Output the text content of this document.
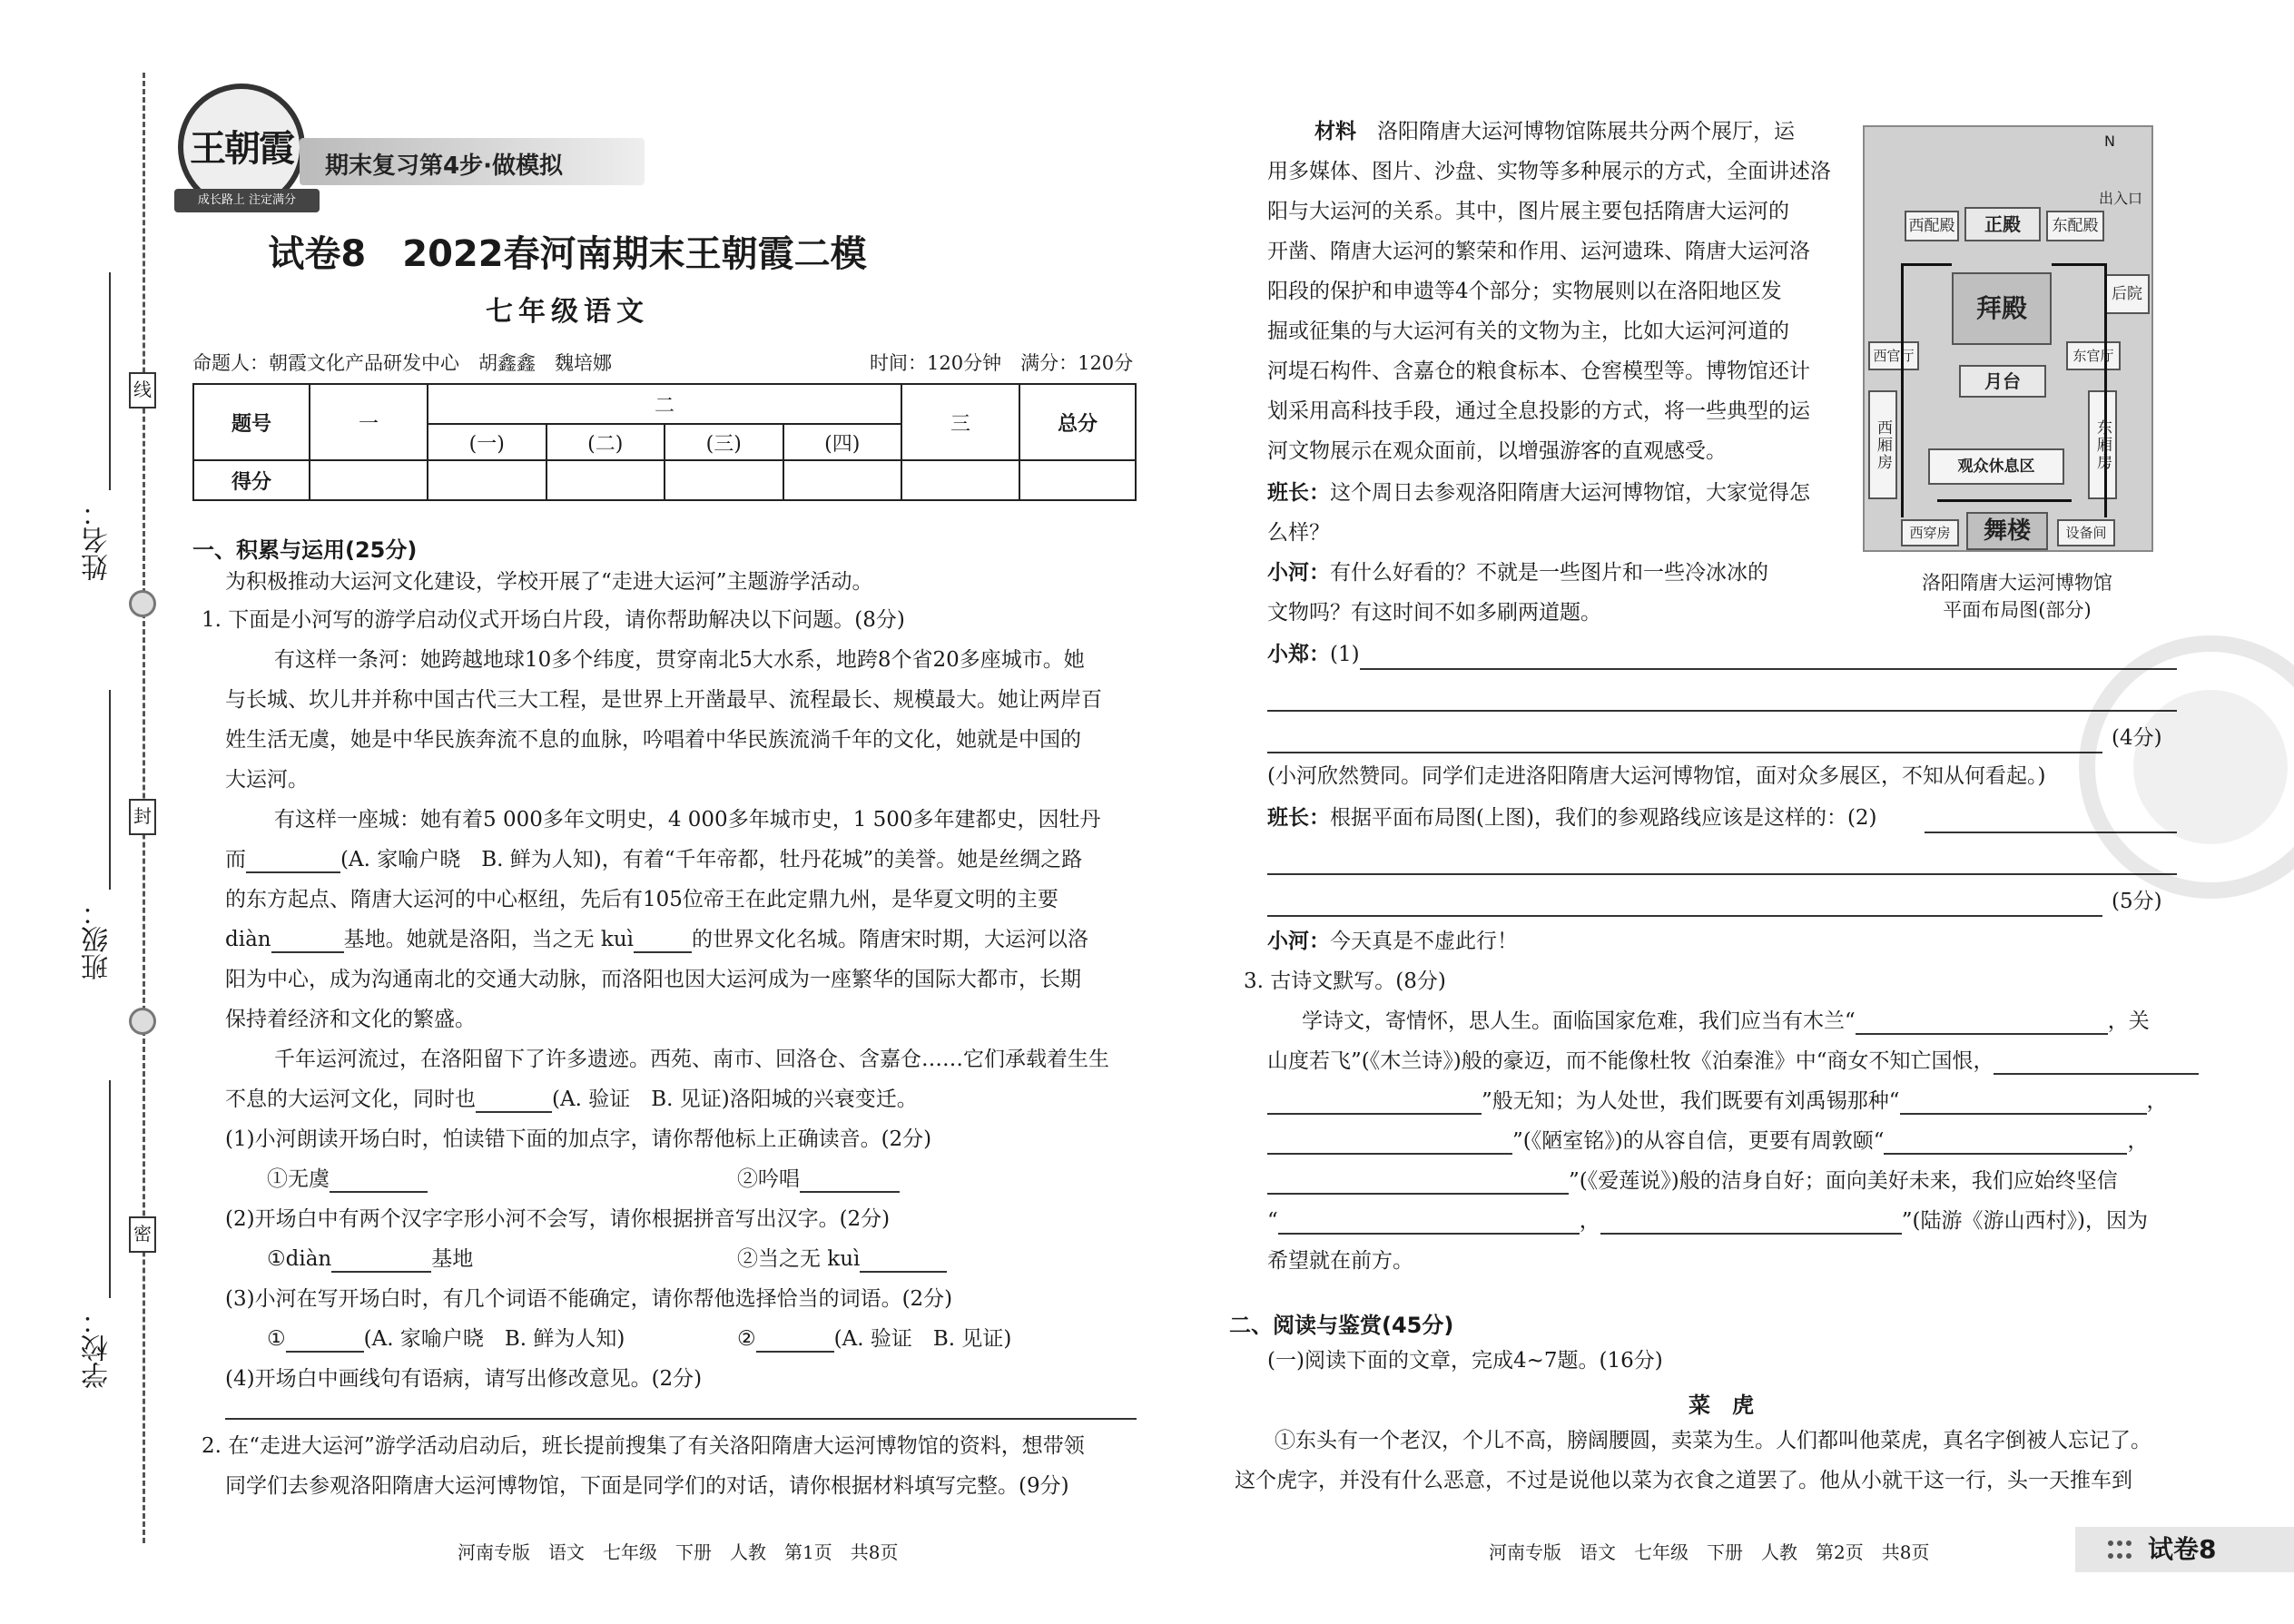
姓名：
线
班级：
封
学校：
密
王朝霞
成长路上 注定满分
期末复习第4步·做模拟
试卷8　2022春河南期末王朝霞二模
七年级语文
命题人：朝霞文化产品研发中心　胡鑫鑫　魏培娜	时间：120分钟　满分：120分
题号	一	二				三	总分
		(一)	(二)	(三)	(四)		
得分							
一、积累与运用(25分)
为积极推动大运河文化建设，学校开展了“走进大运河”主题游学活动。
1. 下面是小河写的游学启动仪式开场白片段，请你帮助解决以下问题。(8分)
有这样一条河：她跨越地球10多个纬度，贯穿南北5大水系，地跨8个省20多座城市。她
与长城、坎儿井并称中国古代三大工程，是世界上开凿最早、流程最长、规模最大。她让两岸百
姓生活无虞，她是中华民族奔流不息的血脉，吟唱着中华民族流淌千年的文化，她就是中国的
大运河。
有这样一座城：她有着5 000多年文明史，4 000多年城市史，1 500多年建都史，因牡丹
而	(A. 家喻户晓　B. 鲜为人知)，有着“千年帝都，牡丹花城”的美誉。她是丝绸之路
的东方起点、隋唐大运河的中心枢纽，先后有105位帝王在此定鼎九州，是华夏文明的主要
diàn	基地。她就是洛阳，当之无 kuì	的世界文化名城。隋唐宋时期，大运河以洛
阳为中心，成为沟通南北的交通大动脉，而洛阳也因大运河成为一座繁华的国际大都市，长期
保持着经济和文化的繁盛。
千年运河流过，在洛阳留下了许多遗迹。西苑、南市、回洛仓、含嘉仓……它们承载着生生
不息的大运河文化，同时也	(A. 验证　B. 见证)洛阳城的兴衰变迁。
(1)小河朗读开场白时，怕读错下面的加点字，请你帮他标上正确读音。(2分)
①无虞	②吟唱
(2)开场白中有两个汉字字形小河不会写，请你根据拼音写出汉字。(2分)
①diàn	基地	②当之无 kuì
(3)小河在写开场白时，有几个词语不能确定，请你帮他选择恰当的词语。(2分)
①	(A. 家喻户晓　B. 鲜为人知)	②	(A. 验证　B. 见证)
(4)开场白中画线句有语病，请写出修改意见。(2分)
2. 在“走进大运河”游学活动启动后，班长提前搜集了有关洛阳隋唐大运河博物馆的资料，想带领
同学们去参观洛阳隋唐大运河博物馆，下面是同学们的对话，请你根据材料填写完整。(9分)
河南专版　语文　七年级　下册　人教　第1页　共8页
材料　 洛阳隋唐大运河博物馆陈展共分两个展厅，运
用多媒体、图片、沙盘、实物等多种展示的方式，全面讲述洛
阳与大运河的关系。其中，图片展主要包括隋唐大运河的
开凿、隋唐大运河的繁荣和作用、运河遗珠、隋唐大运河洛
阳段的保护和申遗等4个部分；实物展则以在洛阳地区发
掘或征集的与大运河有关的文物为主，比如大运河河道的
河堤石构件、含嘉仓的粮食标本、仓窖模型等。博物馆还计
划采用高科技手段，通过全息投影的方式，将一些典型的运
河文物展示在观众面前，以增强游客的直观感受。
班长：这个周日去参观洛阳隋唐大运河博物馆，大家觉得怎
么样？
小河：有什么好看的？不就是一些图片和一些冷冰冰的
文物吗？有这时间不如多刷两道题。
小郑：(1)
(4分)
(小河欣然赞同。同学们走进洛阳隋唐大运河博物馆，面对众多展区，不知从何看起。)
班长：根据平面布局图(上图)，我们的参观路线应该是这样的：(2)
(5分)
小河：今天真是不虚此行！
3. 古诗文默写。(8分)
学诗文，寄情怀，思人生。面临国家危难，我们应当有木兰“	，关
山度若飞”(《木兰诗》)般的豪迈，而不能像杜牧《泊秦淮》中“商女不知亡国恨，
”般无知；为人处世，我们既要有刘禹锡那种“	，
”(《陋室铭》)的从容自信，更要有周敦颐“	，
”(《爱莲说》)般的洁身自好；面向美好未来，我们应始终坚信
“	，	”(陆游《游山西村》)，因为
希望就在前方。
二、阅读与鉴赏(45分)
(一)阅读下面的文章，完成4~7题。(16分)
菜　虎
①东头有一个老汉，个儿不高，膀阔腰圆，卖菜为生。人们都叫他菜虎，真名字倒被人忘记了。
这个虎字，并没有什么恶意，不过是说他以菜为衣食之道罢了。他从小就干这一行，头一天推车到
河南专版　语文　七年级　下册　人教　第2页　共8页	试卷8
西配殿	正殿	东配殿
拜殿	后院
西官厅	东官厅
月台
西厢房	东厢房
观众休息区
西穿房	舞楼	设备间
N
出入口
洛阳隋唐大运河博物馆
平面布局图(部分)
